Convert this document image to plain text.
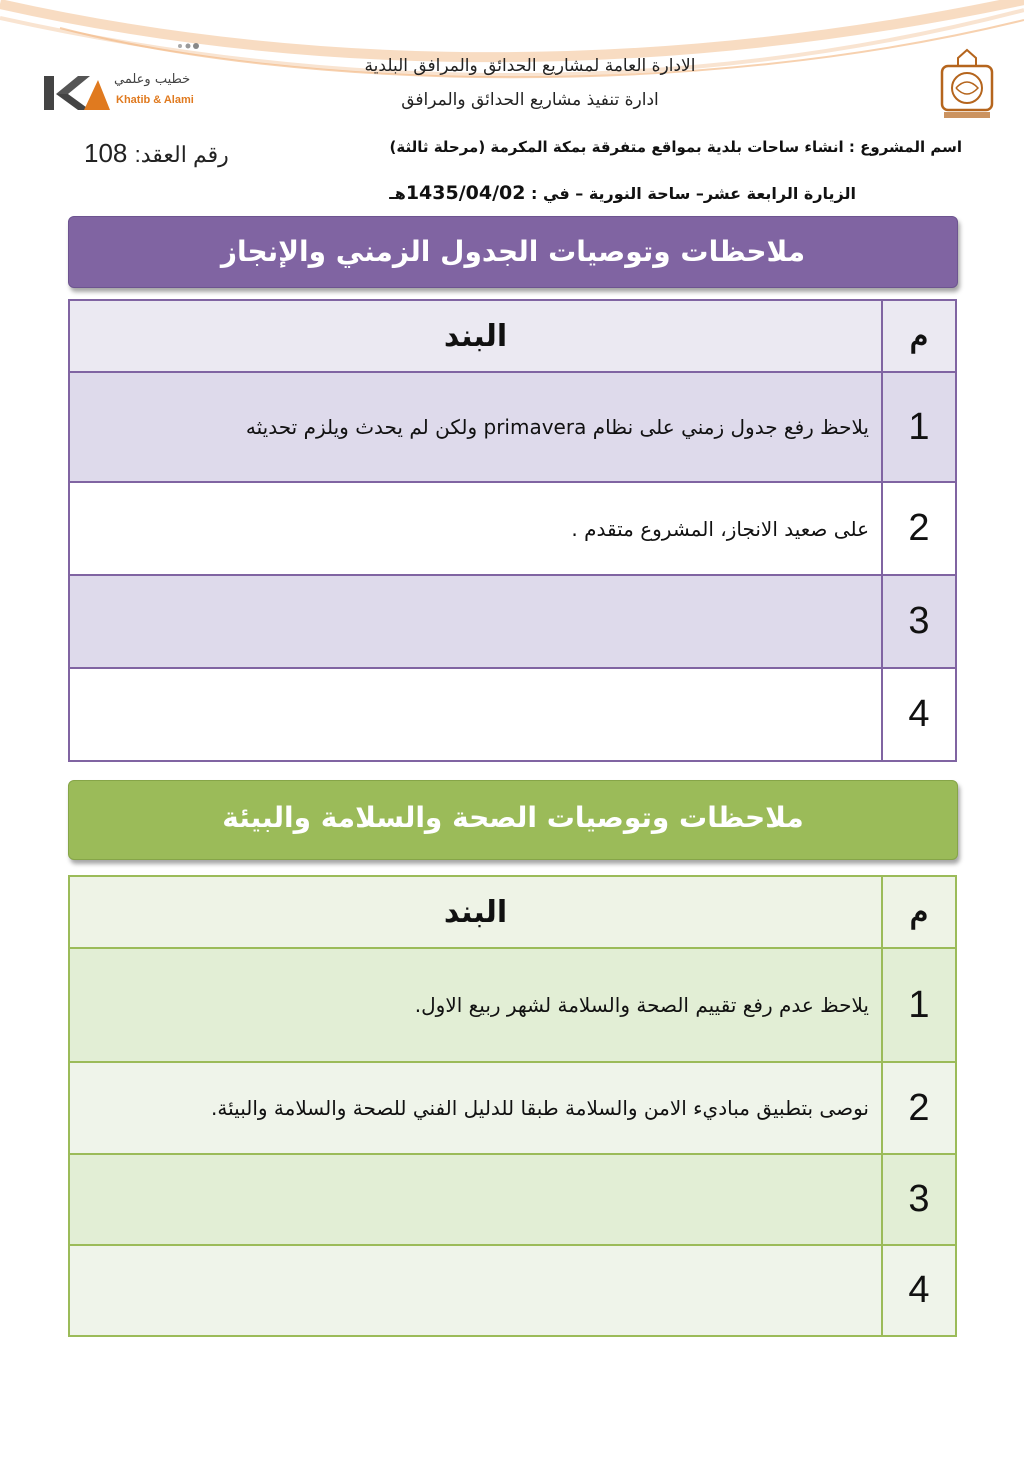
خطيب وعلمي
Khatib & Alami
الادارة العامة لمشاريع الحدائق والمرافق البلدية
ادارة تنفيذ مشاريع الحدائق والمرافق
اسم المشروع : انشاء ساحات بلدية بمواقع متفرقة بمكة المكرمة (مرحلة ثالثة)
رقم العقد: 108
الزيارة الرابعة عشر– ساحة النورية – في : 1435/04/02هـ
ملاحظات وتوصيات الجدول الزمني والإنجاز
م	البند
1	يلاحظ رفع جدول زمني على نظام primavera ولكن لم يحدث ويلزم تحديثه
2	على صعيد الانجاز، المشروع متقدم .
3	
4	
ملاحظات وتوصيات الصحة والسلامة والبيئة
م	البند
1	يلاحظ عدم رفع تقييم الصحة والسلامة لشهر ربيع الاول.
2	نوصى بتطبيق مباديء الامن والسلامة طبقا للدليل الفني للصحة والسلامة والبيئة.
3	
4	
